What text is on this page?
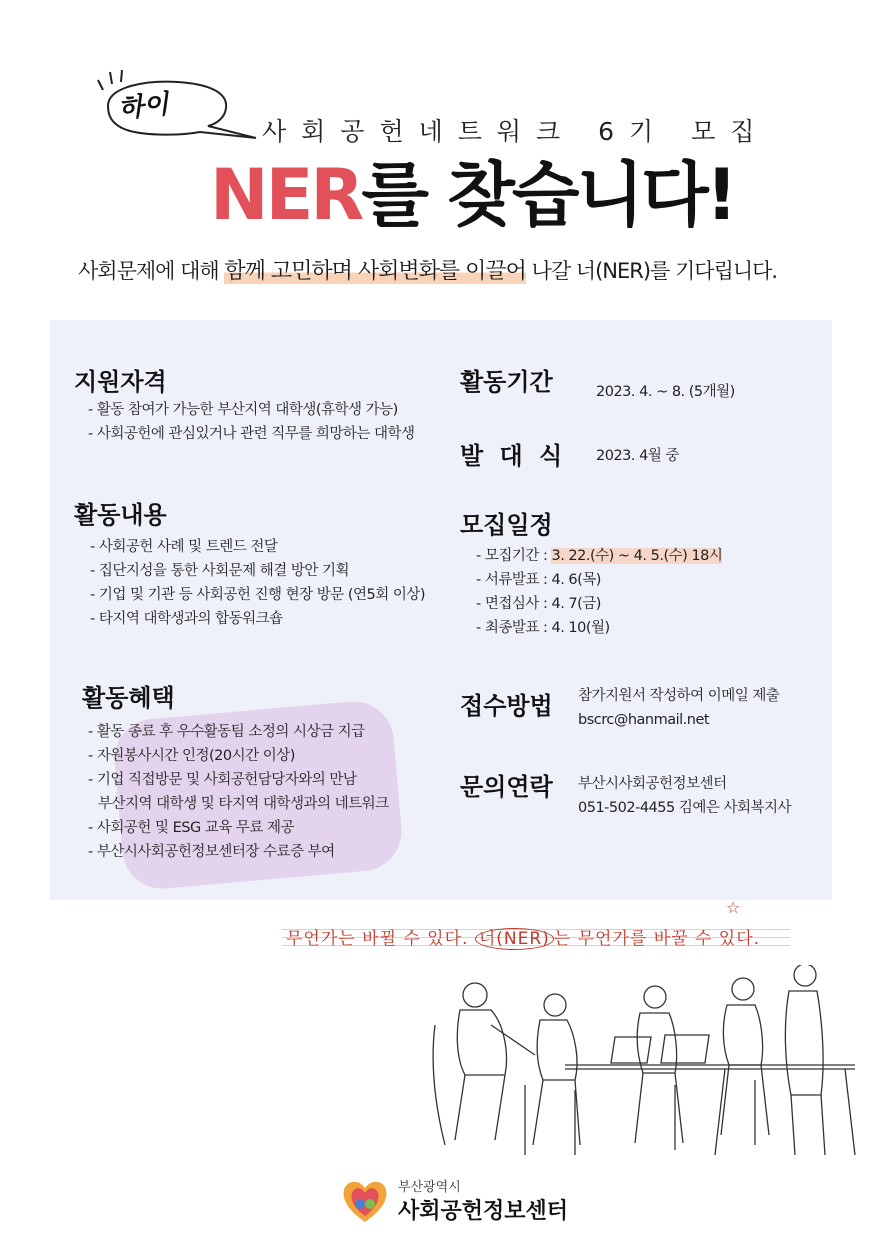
하이
사회공헌네트워크 6기 모집
NER를 찾습니다!
사회문제에 대해 함께 고민하며 사회변화를 이끌어 나갈 너(NER)를 기다립니다.
지원자격
- 활동 참여가 가능한 부산지역 대학생(휴학생 가능)
- 사회공헌에 관심있거나 관련 직무를 희망하는 대학생
활동내용
- 사회공헌 사례 및 트렌드 전달
- 집단지성을 통한 사회문제 해결 방안 기획
- 기업 및 기관 등 사회공헌 진행 현장 방문 (연5회 이상)
- 타지역 대학생과의 합동워크숍
활동혜택
- 활동 종료 후 우수활동팀 소정의 시상금 지급
- 자원봉사시간 인정(20시간 이상)
- 기업 직접방문 및 사회공헌담당자와의 만남
부산지역 대학생 및 타지역 대학생과의 네트워크
- 사회공헌 및 ESG 교육 무료 제공
- 부산시사회공헌정보센터장 수료증 부여
활동기간	2023. 4. ~ 8. (5개월)
발 대 식 2023. 4월 중
모집일정
- 모집기간 : 3. 22.(수) ~ 4. 5.(수) 18시
- 서류발표 : 4. 6(목)
- 면접심사 : 4. 7(금)
- 최종발표 : 4. 10(월)
접수방법 참가지원서 작성하여 이메일 제출
bscrc@hanmail.net
문의연락 부산시사회공헌정보센터
051-502-4455 김예은 사회복지사
☆
무언가는 바뀔 수 있다. 너(NER) 는 무언가를 바꿀 수 있다.
부산광역시
사회공헌정보센터
